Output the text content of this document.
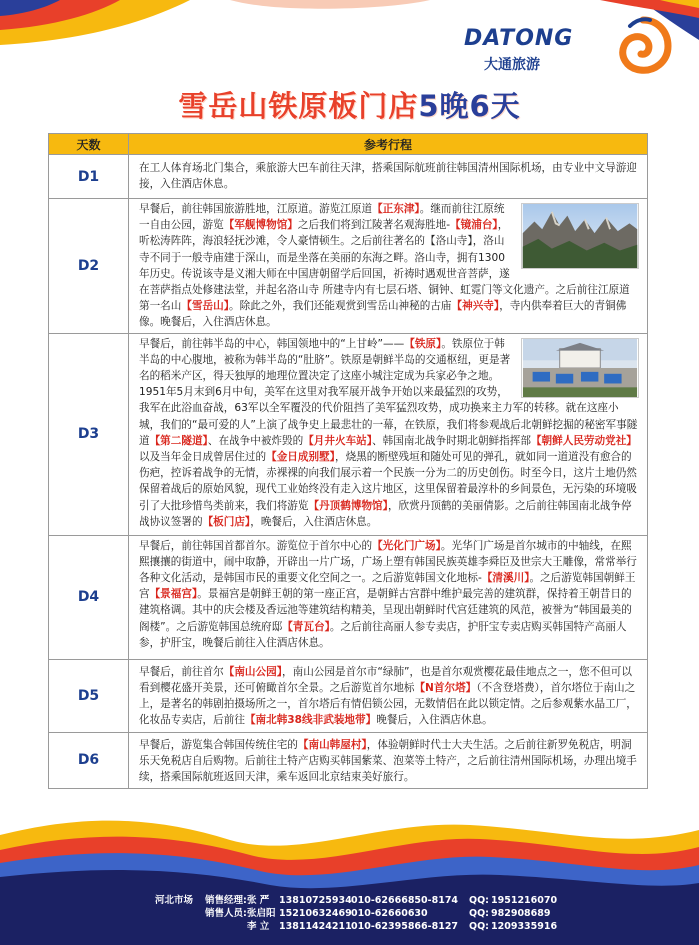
DATONG
大通旅游
雪岳山铁原板门店5晚6天
天数	参考行程
D1	在工人体育场北门集合，乘旅游大巴车前往天津，搭乘国际航班前往韩国清州国际机场，由专业中文导游迎接，入住酒店休息。
D2	早餐后，前往韩国旅游胜地，江原道。游览江原道【正东津】。继而前往江原统一自由公园，游览【军舰博物馆】之后我们将到江陵著名观海胜地-【镜浦台】，听松涛阵阵，海浪轻抚沙滩，令人豪情顿生。之后前往著名的【洛山寺】，洛山寺不同于一般寺庙建于深山，而是坐落在美丽的东海之畔。洛山寺，拥有1300年历史。传说该寺是义湘大师在中国唐朝留学后回国，祈祷时遇观世音菩萨，遂在菩萨指点处修建法堂，并起名洛山寺 所建寺内有七层石塔、铜钟、虹霓门等文化遗产。之后前往江原道第一名山【雪岳山】。除此之外，我们还能观赏到雪岳山神秘的古庙【神兴寺】，寺内供奉着巨大的青铜佛像。晚餐后，入住酒店休息。
D3	早餐后，前往韩半岛的中心，韩国领地中的“上甘岭”——【铁原】。铁原位于韩半岛的中心腹地，被称为韩半岛的“肚脐”。铁原是朝鲜半岛的交通枢纽，更是著名的稻米产区，得天独厚的地理位置决定了这座小城注定成为兵家必争之地。1951年5月末到6月中旬，美军在这里对我军展开战争开始以来最猛烈的攻势，我军在此浴血奋战，63军以全军覆没的代价阻挡了美军猛烈攻势，成功换来主力军的转移。就在这座小城，我们的“最可爱的人”上演了战争史上最悲壮的一幕，在铁原，我们将参观战后北朝鲜挖掘的秘密军事隧道【第二隧道】、在战争中被炸毁的【月井火车站】、韩国南北战争时期北朝鲜指挥部【朝鲜人民劳动党社】以及当年金日成曾居住过的【金日成别墅】，烧黑的断壁残垣和随处可见的弹孔，就如同一道道没有愈合的伤疤，控诉着战争的无情，赤裸裸的向我们展示着一个民族一分为二的历史创伤。时至今日，这片土地仍然保留着战后的原始风貌，现代工业始终没有走入这片地区，这里保留着最淳朴的乡间景色，无污染的环境吸引了大批珍惜鸟类前来，我们将游览【丹顶鹤博物馆】，欣赏丹顶鹤的美丽倩影。之后前往韩国南北战争停战协议签署的【板门店】，晚餐后，入住酒店休息。
D4	早餐后，前往韩国首都首尔。游览位于首尔中心的【光化门广场】。光华门广场是首尔城市的中轴线，在熙熙攘攘的街道中，闹中取静，开辟出一片广场，广场上塑有韩国民族英雄李舜臣及世宗大王雕像，常常举行各种文化活动，是韩国市民的重要文化空间之一。之后游览韩国文化地标-【清溪川】。之后游览韩国朝鲜王宫【景福宫】。景福宫是朝鲜王朝的第一座正宫，是朝鲜古宫群中维护最完善的建筑群，保持着王朝昔日的建筑格调。其中的庆会楼及香远池等建筑结构精美，呈现出朝鲜时代宫廷建筑的风范，被誉为“韩国最美的阁楼”。之后游览韩国总统府邸【青瓦台】。之后前往高丽人参专卖店，护肝宝专卖店购买韩国特产高丽人参，护肝宝，晚餐后前往入住酒店休息。
D5	早餐后，前往首尔【南山公园】，南山公园是首尔市“绿肺”，也是首尔观赏樱花最佳地点之一，您不但可以看到樱花盛开美景，还可俯瞰首尔全景。之后游览首尔地标【N首尔塔】（不含登塔费），首尔塔位于南山之上，是著名的韩剧拍摄场所之一，首尔塔后有情侣锁公园，无数情侣在此以锁定情。之后参观紫水晶工厂，化妆品专卖店，后前往【南北韩38线非武装地带】晚餐后，入住酒店休息。
D6	早餐后，游览集合韩国传统住宅的【南山韩屋村】，体验朝鲜时代士大夫生活。之后前往新罗免税店，明洞乐天免税店自后购物。后前往土特产店购买韩国紫菜、泡菜等土特产，之后前往清州国际机场，办理出境手续，搭乘国际航班返回天津，乘车返回北京结束美好旅行。
河北市场	销售经理: 张 严	13810725934 010-62666850-8174	QQ: 1951216070
销售人员: 张启阳 15210632469 010-62660630	QQ: 982908689
李 立	13811424211 010-62395866-8127	QQ: 1209335916
